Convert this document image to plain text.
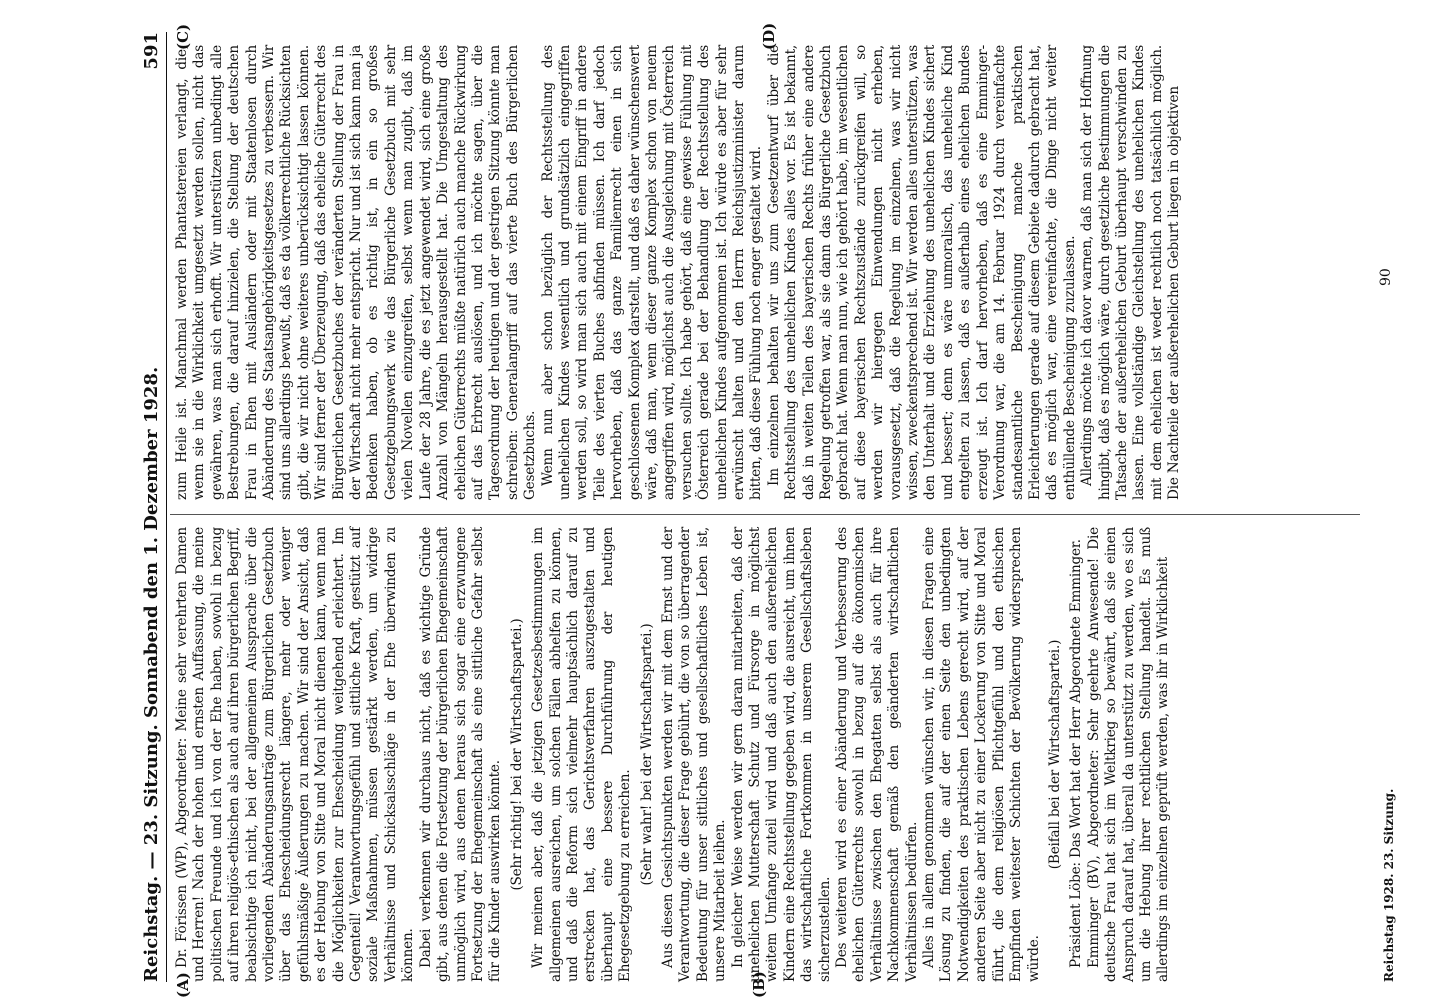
Reichstag. — 23. Sitzung. Sonnabend den 1. Dezember 1928.
591
(A)	(B)
(C)	(D)

Dr. Förissen (WP), Abgeordneter: Meine sehr verehrten Damen und Herren! Nach der hohen und ernsten Auffassung, die meine politischen Freunde und ich von der Ehe haben, sowohl in bezug auf ihren religiös-ethischen als auch auf ihren bürgerlichen Begriff, beabsichtige ich nicht, bei der allgemeinen Aussprache über die vorliegenden Abänderungsanträge zum Bürgerlichen Gesetzbuch über das Ehescheidungsrecht längere, mehr oder weniger gefühlsmäßige Äußerungen zu machen. Wir sind der Ansicht, daß es der Hebung von Sitte und Moral nicht dienen kann, wenn man die Möglichkeiten zur Ehescheidung weitgehend erleichtert. Im Gegenteil! Verantwortungsgefühl und sittliche Kraft, gestützt auf soziale Maßnahmen, müssen gestärkt werden, um widrige Verhältnisse und Schicksalsschläge in der Ehe überwinden zu können. Dabei verkennen wir durchaus nicht, daß es wichtige Gründe gibt, aus denen die Fortsetzung der bürgerlichen Ehegemeinschaft unmöglich wird, aus denen heraus sich sogar eine erzwungene Fortsetzung der Ehegemeinschaft als eine sittliche Gefahr selbst für die Kinder auswirken könnte. (Sehr richtig! bei der Wirtschaftspartei.) Wir meinen aber, daß die jetzigen Gesetzesbestimmungen im allgemeinen ausreichen, um solchen Fällen abhelfen zu können, und daß die Reform sich vielmehr hauptsächlich darauf zu erstrecken hat, das Gerichtsverfahren auszugestalten und überhaupt eine bessere Durchführung der heutigen Ehegesetzgebung zu erreichen. (Sehr wahr! bei der Wirtschaftspartei.) Aus diesen Gesichtspunkten werden wir mit dem Ernst und der Verantwortung, die dieser Frage gebührt, die von so überragender Bedeutung für unser sittliches und gesellschaftliches Leben ist, unsere Mitarbeit leihen. In gleicher Weise werden wir gern daran mitarbeiten, daß der unehelichen Mutterschaft Schutz und Fürsorge in möglichst weitem Umfange zuteil wird und daß auch den außerehelichen Kindern eine Rechtsstellung gegeben wird, die ausreicht, um ihnen das wirtschaftliche Fortkommen in unserem Gesellschaftsleben sicherzustellen. Des weiteren wird es einer Abänderung und Verbesserung des ehelichen Güterrechts sowohl in bezug auf die ökonomischen Verhältnisse zwischen den Ehegatten selbst als auch für ihre Nachkommenschaft gemäß den geänderten wirtschaftlichen Verhältnissen bedürfen. Alles in allem genommen wünschen wir, in diesen Fragen eine Lösung zu finden, die auf der einen Seite den unbedingten Notwendigkeiten des praktischen Lebens gerecht wird, auf der anderen Seite aber nicht zu einer Lockerung von Sitte und Moral führt, die dem religiösen Pflichtgefühl und den ethischen Empfinden weitester Schichten der Bevölkerung widersprechen würde.

(Beifall bei der Wirtschaftspartei.) Präsident Löbe: Das Wort hat der Herr Abgeordnete Emminger. Emminger (BV), Abgeordneter: Sehr geehrte Anwesende! Die deutsche Frau hat sich im Weltkrieg so bewährt, daß sie einen Anspruch darauf hat, überall da unterstützt zu werden, wo es sich um die Hebung ihrer rechtlichen Stellung handelt. Es muß allerdings im einzelnen geprüft werden, was ihr in Wirklichkeit

zum Heile ist. Manchmal werden Phantastereien verlangt, die, wenn sie in die Wirklichkeit umgesetzt werden sollen, nicht das gewähren, was man sich erhofft. Wir unterstützen unbedingt alle Bestrebungen, die darauf hinzielen, die Stellung der deutschen Frau in Ehen mit Ausländern oder mit Staatenlosen durch Abänderung des Staatsangehörigkeitsgesetzes zu verbessern. Wir sind uns allerdings bewußt, daß es da völkerrechtliche Rücksichten gibt, die wir nicht ohne weiteres unberücksichtigt lassen können. Wir sind ferner der Überzeugung, daß das eheliche Güterrecht des Bürgerlichen Gesetzbuches der veränderten Stellung der Frau in der Wirtschaft nicht mehr entspricht. Nur und ist sich kann man ja Bedenken haben, ob es richtig ist, in ein so großes Gesetzgebungswerk wie das Bürgerliche Gesetzbuch mit sehr vielen Novellen einzugreifen, selbst wenn man zugibt, daß im Laufe der 28 Jahre, die es jetzt angewendet wird, sich eine große Anzahl von Mängeln herausgestellt hat. Die Umgestaltung des ehelichen Güterrechts müßte natürlich auch manche Rückwirkung auf das Erbrecht auslösen, und ich möchte sagen, über die Tagesordnung der heutigen und der gestrigen Sitzung könnte man schreiben: Generalangriff auf das vierte Buch des Bürgerlichen Gesetzbuchs. Wenn nun aber schon bezüglich der Rechtsstellung des unehelichen Kindes wesentlich und grundsätzlich eingegriffen werden soll, so wird man sich auch mit einem Eingriff in andere Teile des vierten Buches abfinden müssen. Ich darf jedoch hervorheben, daß das ganze Familienrecht einen in sich geschlossenen Komplex darstellt, und daß es daher wünschenswert wäre, daß man, wenn dieser ganze Komplex schon von neuem angegriffen wird, möglichst auch die Ausgleichung mit Österreich versuchen sollte. Ich habe gehört, daß eine gewisse Fühlung mit Österreich gerade bei der Behandlung der Rechtsstellung des unehelichen Kindes aufgenommen ist. Ich würde es aber für sehr erwünscht halten und den Herrn Reichsjustizminister darum bitten, daß diese Fühlung noch enger gestaltet wird. Im einzelnen behalten wir uns zum Gesetzentwurf über die Rechtsstellung des unehelichen Kindes alles vor. Es ist bekannt, daß in weiten Teilen des bayerischen Rechts früher eine andere Regelung getroffen war, als sie dann das Bürgerliche Gesetzbuch gebracht hat. Wenn man nun, wie ich gehört habe, im wesentlichen auf diese bayerischen Rechtszustände zurückgreifen will, so werden wir hiergegen Einwendungen nicht erheben, vorausgesetzt, daß die Regelung im einzelnen, was wir nicht wissen, zweckentsprechend ist. Wir werden alles unterstützen, was den Unterhalt und die Erziehung des unehelichen Kindes sichert und bessert; denn es wäre unmoralisch, das uneheliche Kind entgelten zu lassen, daß es außerhalb eines ehelichen Bundes erzeugt ist. Ich darf hervorheben, daß es eine Emminger-Verordnung war, die am 14. Februar 1924 durch vereinfachte standesamtliche Bescheinigung manche praktischen Erleichterungen gerade auf diesem Gebiete dadurch gebracht hat, daß es möglich war, eine vereinfachte, die Dinge nicht weiter enthüllende Bescheinigung zuzulassen. Allerdings möchte ich davor warnen, daß man sich der Hoffnung hingibt, daß es möglich wäre, durch gesetzliche Bestimmungen die Tatsache der außerehelichen Geburt überhaupt verschwinden zu lassen. Eine vollständige Gleichstellung des unehelichen Kindes mit dem ehelichen ist weder rechtlich noch tatsächlich möglich. Die Nachteile der außerehelichen Geburt liegen in objektiven

Reichstag 1928. 23. Sitzung.
90
